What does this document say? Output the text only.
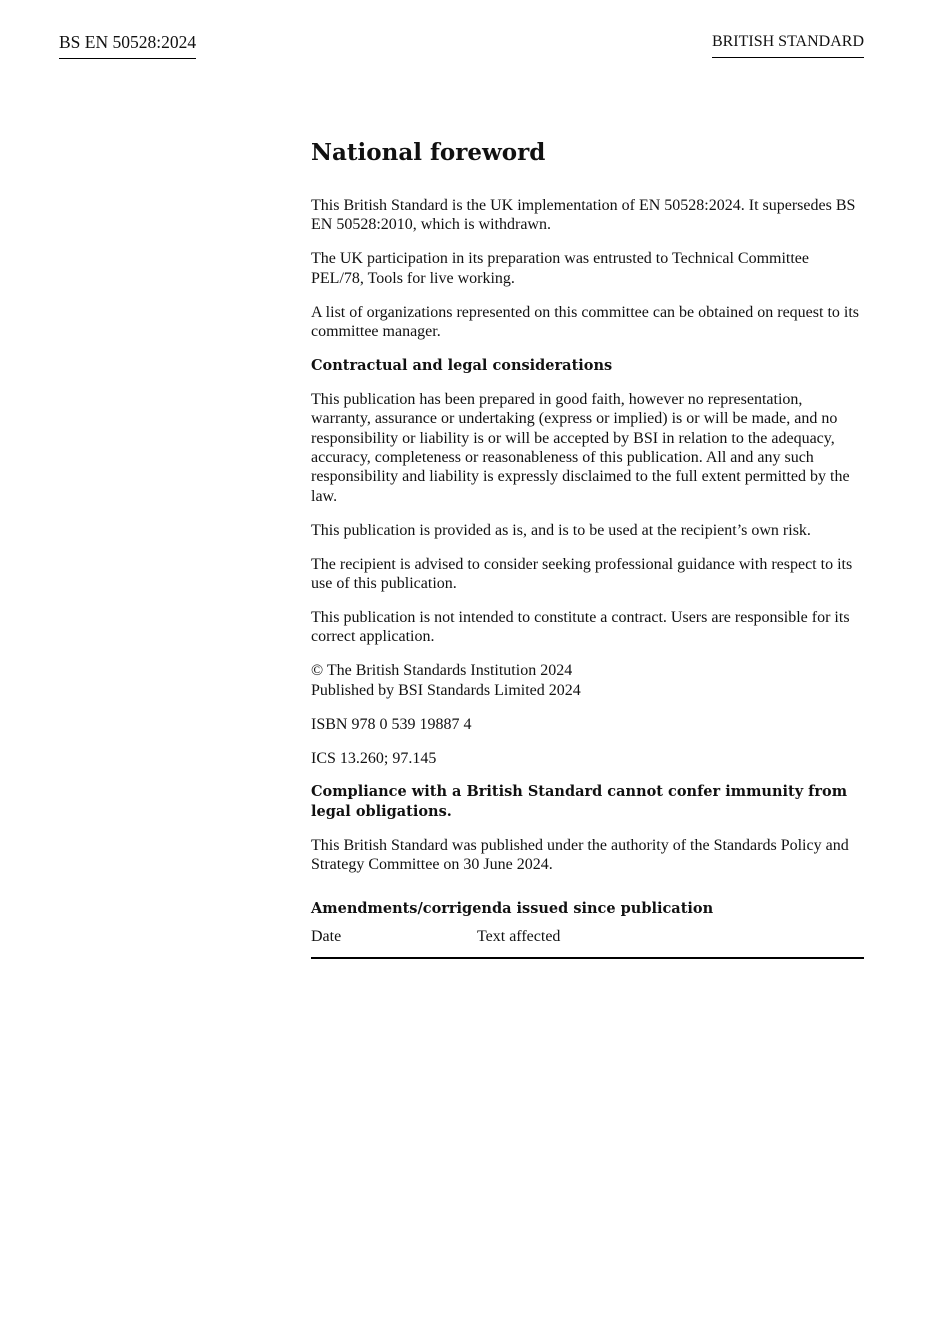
BS EN 50528:2024	BRITISH STANDARD
National foreword

This British Standard is the UK implementation of EN 50528:2024. It supersedes BS EN 50528:2010, which is withdrawn.

The UK participation in its preparation was entrusted to Technical Committee PEL/78, Tools for live working.

A list of organizations represented on this committee can be obtained on request to its committee manager.

Contractual and legal considerations

This publication has been prepared in good faith, however no representation, warranty, assurance or undertaking (express or implied) is or will be made, and no responsibility or liability is or will be accepted by BSI in relation to the adequacy, accuracy, completeness or reasonableness of this publication. All and any such responsibility and liability is expressly disclaimed to the full extent permitted by the law.

This publication is provided as is, and is to be used at the recipient’s own risk.

The recipient is advised to consider seeking professional guidance with respect to its use of this publication.

This publication is not intended to constitute a contract. Users are responsible for its correct application.

© The British Standards Institution 2024
Published by BSI Standards Limited 2024

ISBN 978 0 539 19887 4

ICS 13.260; 97.145

Compliance with a British Standard cannot confer immunity from legal obligations.

This British Standard was published under the authority of the Standards Policy and Strategy Committee on 30 June 2024.

Amendments/corrigenda issued since publication
Date	Text affected
